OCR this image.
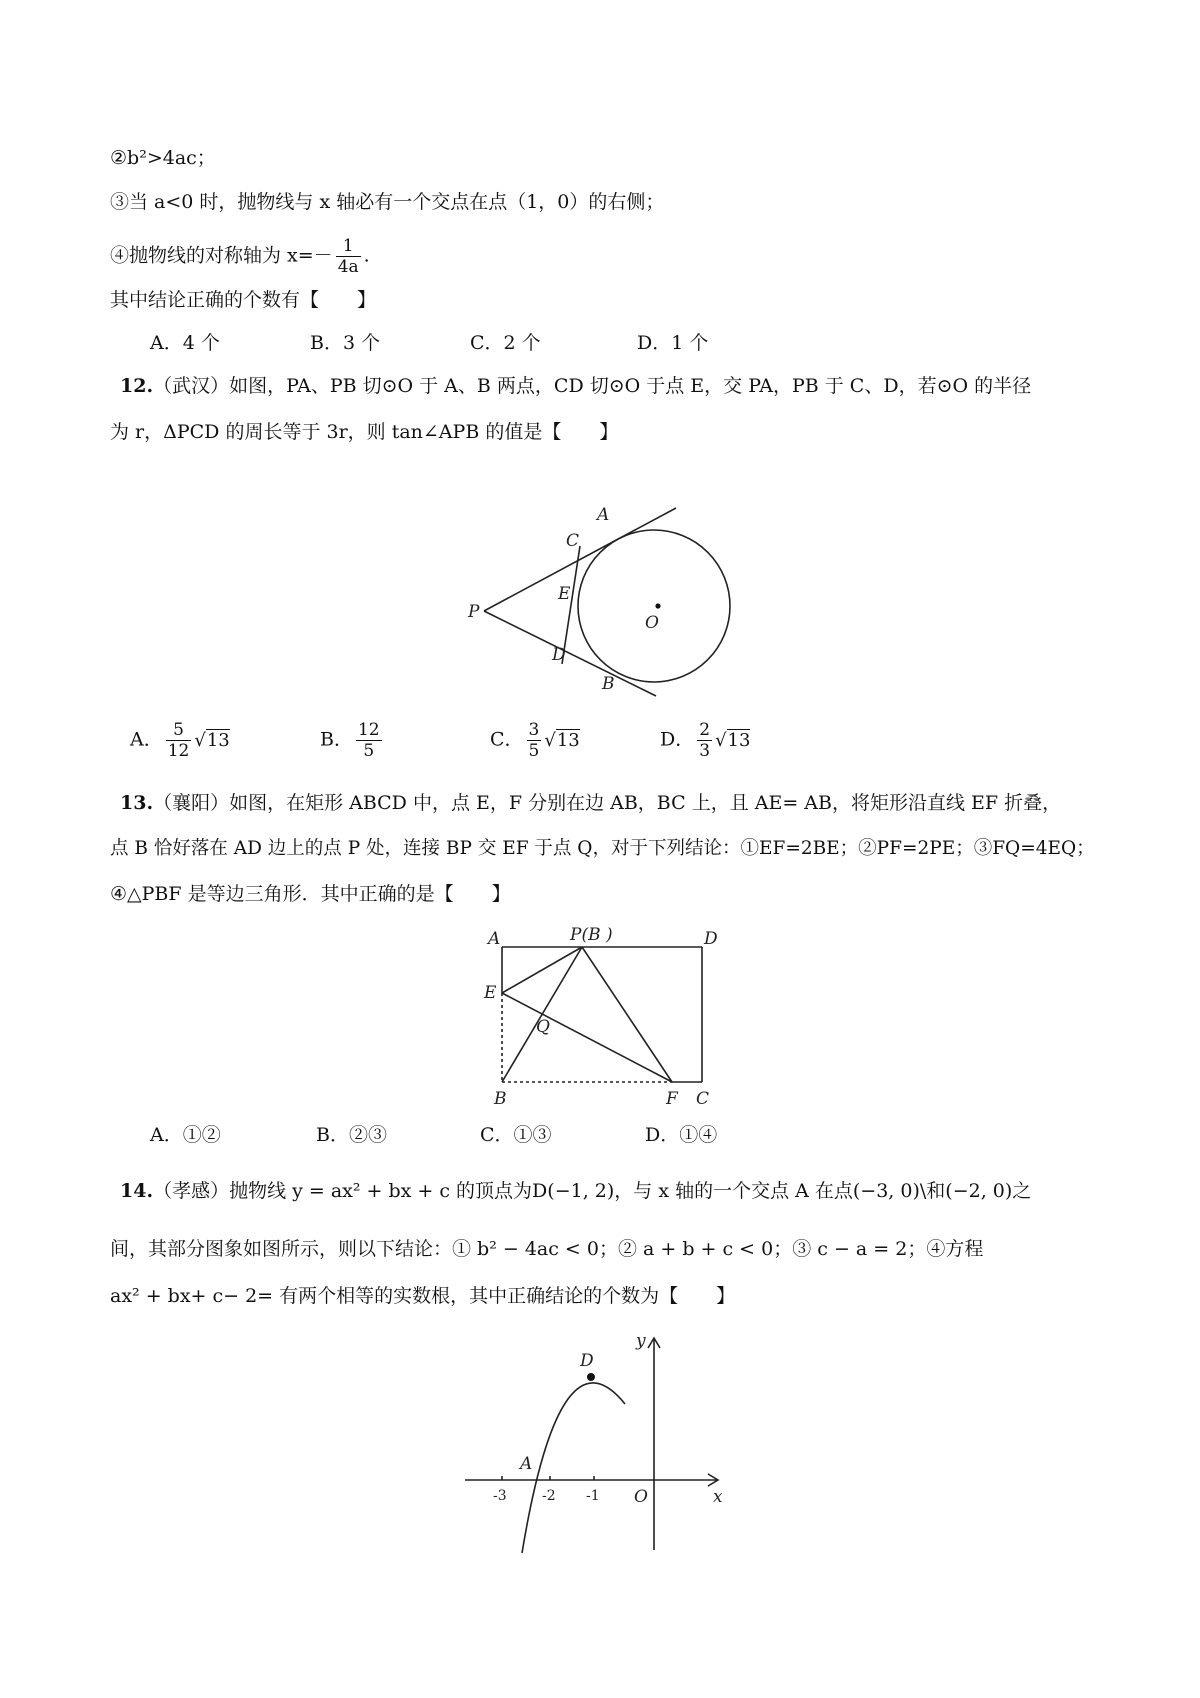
②b²>4ac；
③当 a<0 时，抛物线与 x 轴必有一个交点在点（1，0）的右侧；
④抛物线的对称轴为 $x=- \frac{1}{4a}$ .
其中结论正确的个数有【　　】
A．4 个	B．3 个	C．2 个	D．1 个
12.（武汉）如图，PA、PB 切⊙O 于 A、B 两点，CD 切⊙O 于点 E，交 PA，PB 于 C、D，若⊙O 的半径
为 r，ΔPCD 的周长等于 3r，则 tan∠APB 的值是【　　】
A
C
E
P
O
D
B
A． $\frac{5}{12} √13$	B． $\frac{12}{5}$	C． $\frac{3}{5} √13$	D． $\frac{2}{3} √13$
13.（襄阳）如图，在矩形 ABCD 中，点 E，F 分别在边 AB，BC 上，且 AE= AB，将矩形沿直线 EF 折叠，
点 B 恰好落在 AD 边上的点 P 处，连接 BP 交 EF 于点 Q，对于下列结论：①EF=2BE；②PF=2PE；③FQ=4EQ；
④△PBF 是等边三角形．其中正确的是【　　】
A	P(B )	D
E
Q
B	F C
A．①②	B．②③	C．①③	D．①④
14.（孝感）抛物线 y = ax² + bx + c 的顶点为D(−1, 2)，与 x 轴的一个交点 A 在点(−3, 0)\和(−2, 0)之
间，其部分图象如图所示，则以下结论：① b² − 4ac < 0；② a + b + c < 0；③ c − a = 2；④方程
ax² + bx+ c− 2= 有两个相等的实数根，其中正确结论的个数为【　　】
y
x
D
A
O
-3	-2 -1
